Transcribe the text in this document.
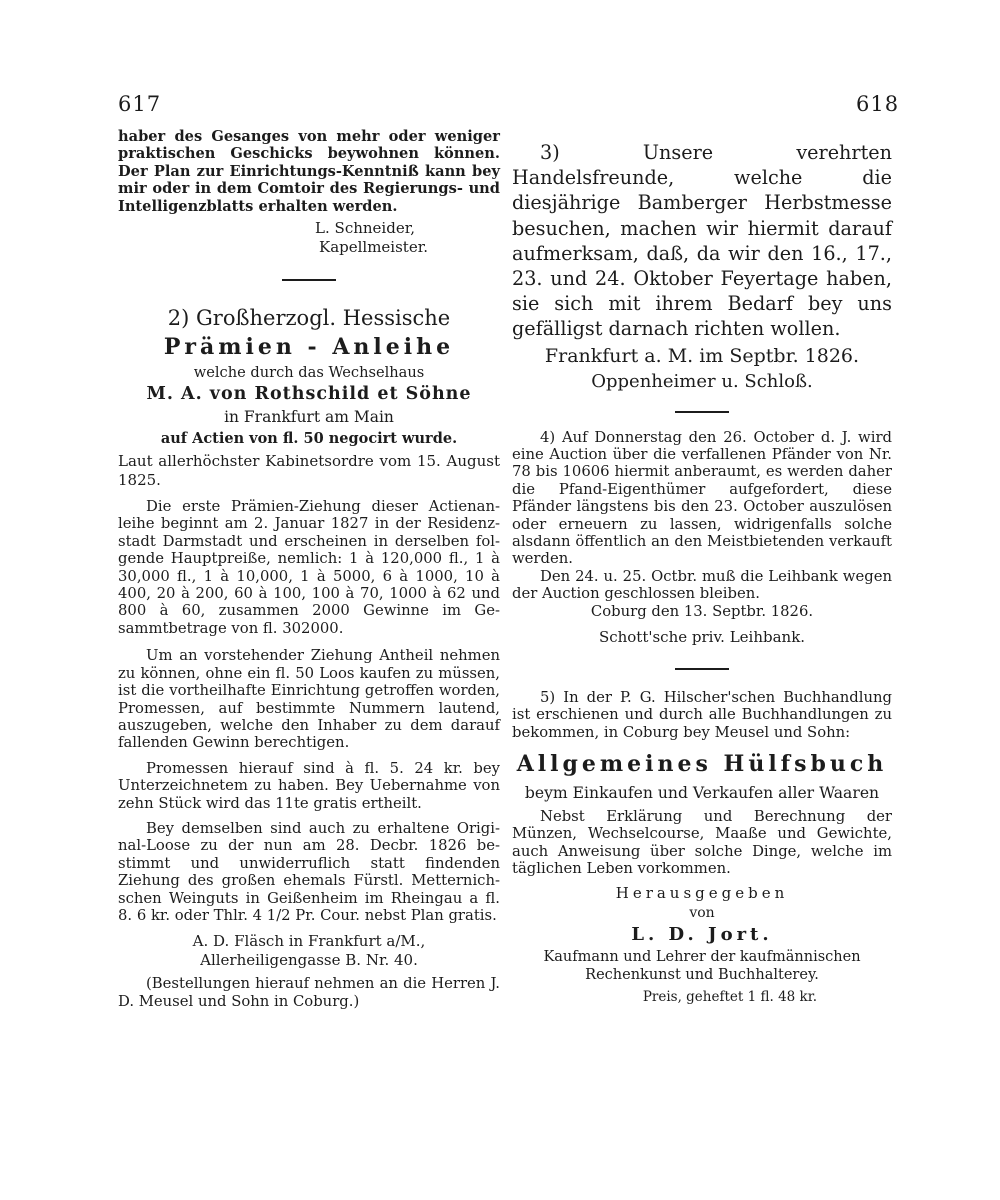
617	618

haber des Gesanges von mehr oder weniger praktischen Geschicks beywohnen können. Der Plan zur Einrichtungs-Kenntniß kann bey mir oder in dem Comtoir des Regierungs- und Intelligenzblatts erhalten werden.

L. Schneider,

Kapellmeister.

2) Großherzogl. Hessische

Prämien - Anleihe

welche durch das Wechselhaus

M. A. von Rothschild et Söhne

in Frankfurt am Main

auf Actien von fl. 50 negocirt wurde.

Laut allerhöchster Kabinetsordre vom 15. August 1825.

Die erste Prämien-Ziehung dieser Actienanleihe beginnt am 2. Januar 1827 in der Residenzstadt Darmstadt und erscheinen in derselben folgende Hauptpreiße, nemlich: 1 à 120,000 fl., 1 à 30,000 fl., 1 à 10,000, 1 à 5000, 6 à 1000, 10 à 400, 20 à 200, 60 à 100, 100 à 70, 1000 à 62 und 800 à 60, zusammen 2000 Gewinne im Gesammtbetrage von fl. 302000.

Um an vorstehender Ziehung Antheil nehmen zu können, ohne ein fl. 50 Loos kaufen zu müssen, ist die vortheilhafte Einrichtung getroffen worden, Promessen, auf bestimmte Nummern lautend, auszugeben, welche den Inhaber zu dem darauf fallenden Gewinn berechtigen.

Promessen hierauf sind à fl. 5. 24 kr. bey Unterzeichnetem zu haben. Bey Uebernahme von zehn Stück wird das 11te gratis ertheilt.

Bey demselben sind auch zu erhaltene Original-Loose zu der nun am 28. Decbr. 1826 bestimmt und unwiderruflich statt findenden Ziehung des großen ehemals Fürstl. Metternichschen Weinguts in Geißenheim im Rheingau a fl. 8. 6 kr. oder Thlr. 4 1/2 Pr. Cour. nebst Plan gratis.

A. D. Fläsch in Frankfurt a/M.,

Allerheiligengasse B. Nr. 40.

(Bestellungen hierauf nehmen an die Herren J. D. Meusel und Sohn in Coburg.)

3) Unsere verehrten Handelsfreunde, welche die diesjährige Bamberger Herbstmesse besuchen, machen wir hiermit darauf aufmerksam, daß, da wir den 16., 17., 23. und 24. Oktober Feyertage haben, sie sich mit ihrem Bedarf bey uns gefälligst darnach richten wollen.

Frankfurt a. M. im Septbr. 1826.

Oppenheimer u. Schloß.

4) Auf Donnerstag den 26. October d. J. wird eine Auction über die verfallenen Pfänder von Nr. 78 bis 10606 hiermit anberaumt, es werden daher die Pfand-Eigenthümer aufgefordert, diese Pfänder längstens bis den 23. October auszulösen oder erneuern zu lassen, widrigenfalls solche alsdann öffentlich an den Meistbietenden verkauft werden.

Den 24. u. 25. Octbr. muß die Leihbank wegen der Auction geschlossen bleiben.

Coburg den 13. Septbr. 1826.

Schott'sche priv. Leihbank.

5) In der P. G. Hilscher'schen Buchhandlung ist erschienen und durch alle Buchhandlungen zu bekommen, in Coburg bey Meusel und Sohn:

Allgemeines Hülfsbuch

beym Einkaufen und Verkaufen aller Waaren

Nebst Erklärung und Berechnung der Münzen, Wechselcourse, Maaße und Gewichte, auch Anweisung über solche Dinge, welche im täglichen Leben vorkommen.

Herausgegeben

von

L. D. Jort.

Kaufmann und Lehrer der kaufmännischen Rechenkunst und Buchhalterey.

Preis, geheftet 1 fl. 48 kr.
